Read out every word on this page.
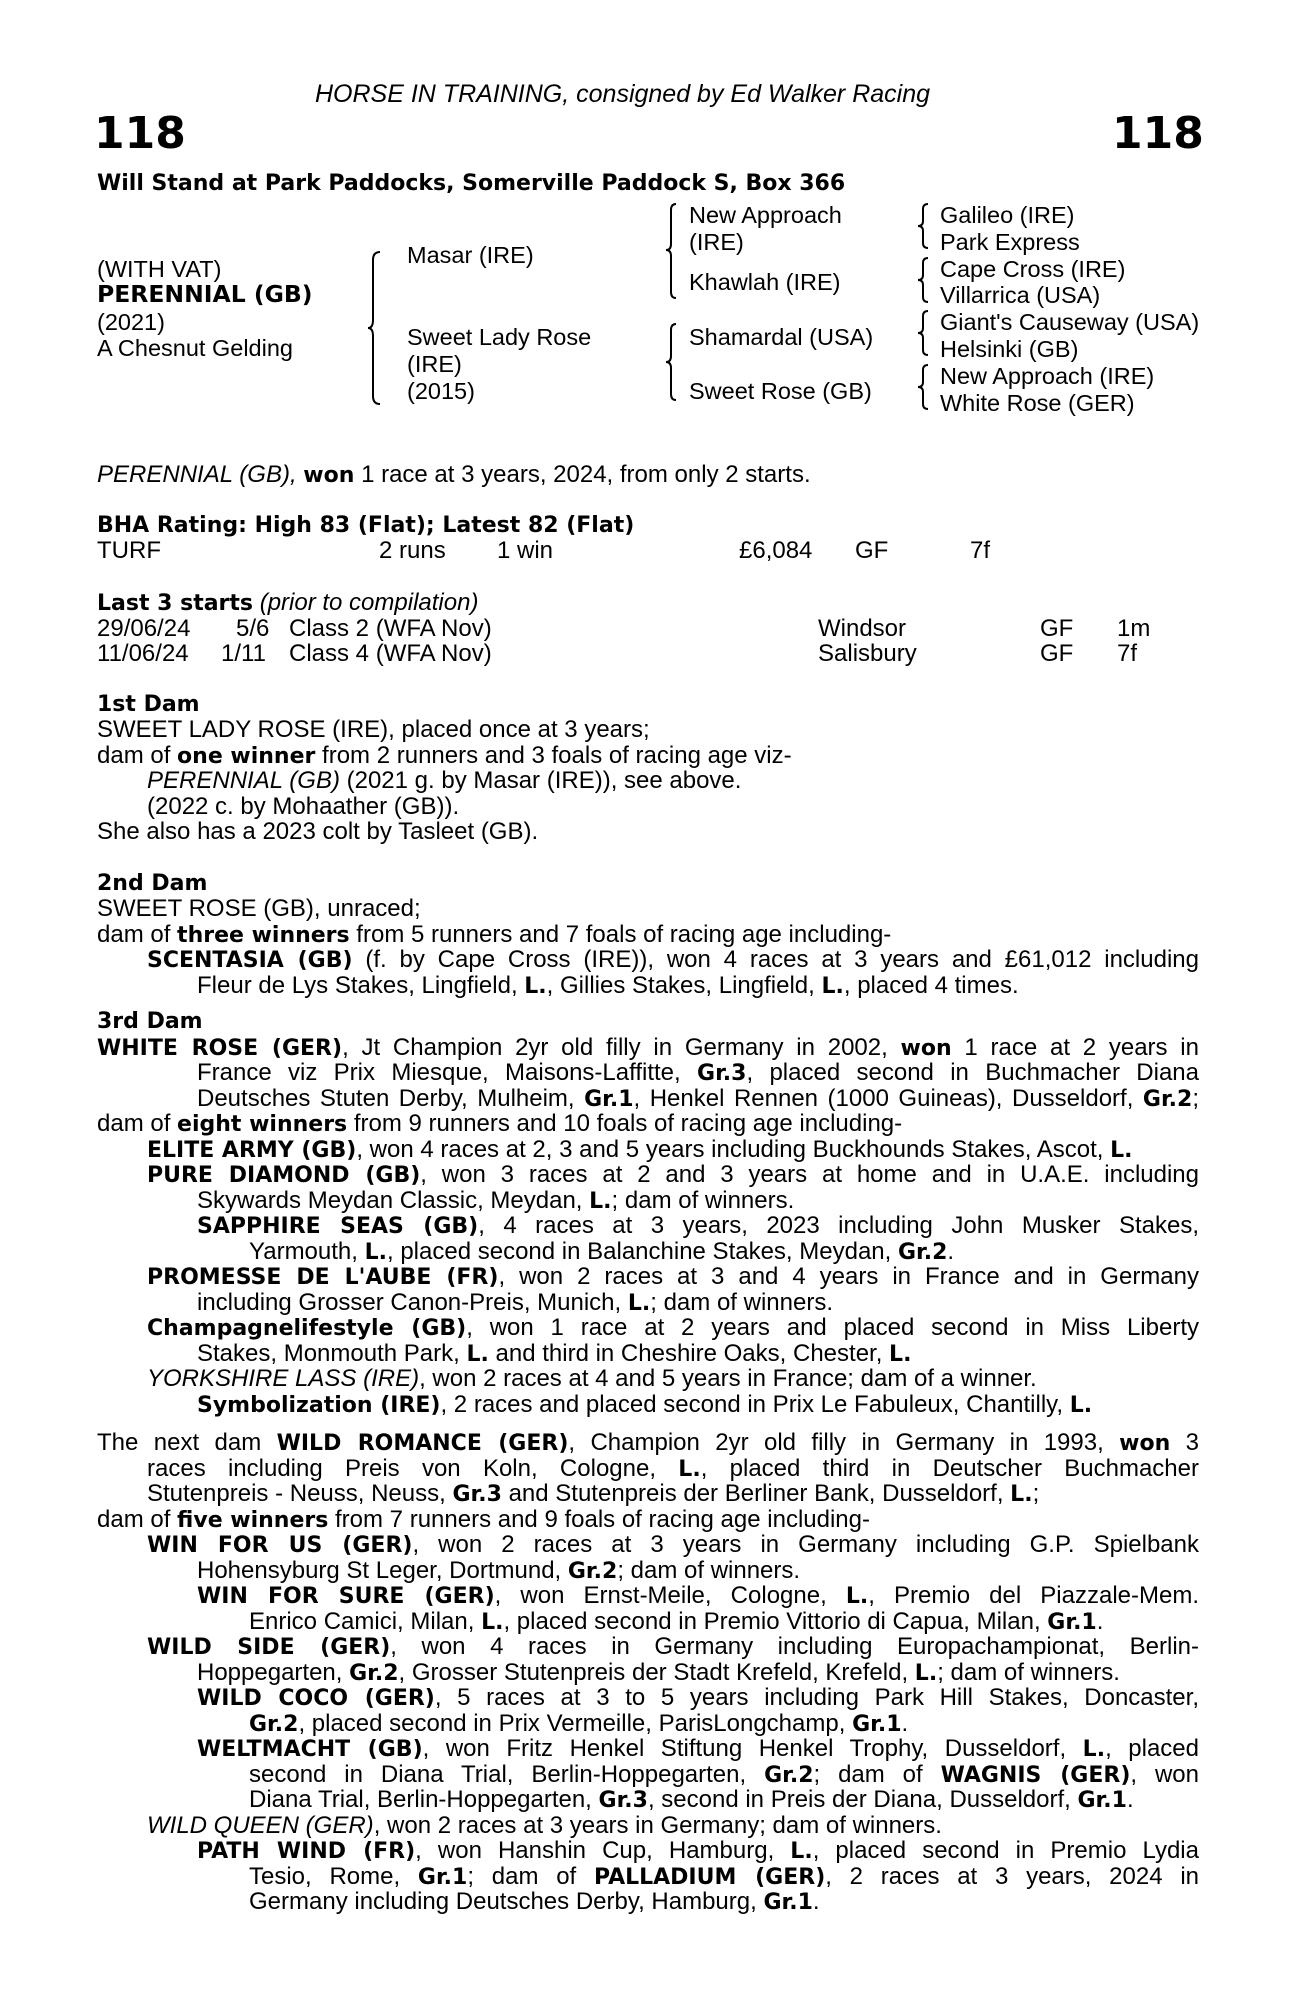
HORSE IN TRAINING, consigned by Ed Walker Racing
118	118
Will Stand at Park Paddocks, Somerville Paddock S, Box 366
(WITH VAT)
PERENNIAL (GB)
(2021)
A Chesnut Gelding
Masar (IRE)
Sweet Lady Rose
(IRE)
(2015)
New Approach
(IRE)
Khawlah (IRE)
Shamardal (USA)
Sweet Rose (GB)
Galileo (IRE)
Park Express
Cape Cross (IRE)
Villarrica (USA)
Giant's Causeway (USA)
Helsinki (GB)
New Approach (IRE)
White Rose (GER)
PERENNIAL (GB), won 1 race at 3 years, 2024, from only 2 starts.
BHA Rating: High 83 (Flat); Latest 82 (Flat)
TURF	2 runs 1 win	£6,084 GF	7f
Last 3 starts (prior to compilation)
29/06/24 5/6 Class 2 (WFA Nov)	Windsor	GF 1m
11/06/24 1/11 Class 4 (WFA Nov)	Salisbury	GF 7f
1st Dam
SWEET LADY ROSE (IRE), placed once at 3 years;
dam of one winner from 2 runners and 3 foals of racing age viz-
PERENNIAL (GB) (2021 g. by Masar (IRE)), see above.
(2022 c. by Mohaather (GB)).
She also has a 2023 colt by Tasleet (GB).
2nd Dam
SWEET ROSE (GB), unraced;
dam of three winners from 5 runners and 7 foals of racing age including-
SCENTASIA (GB) (f. by Cape Cross (IRE)), won 4 races at 3 years and £61,012 including
Fleur de Lys Stakes, Lingfield, L., Gillies Stakes, Lingfield, L., placed 4 times.
3rd Dam
WHITE ROSE (GER), Jt Champion 2yr old filly in Germany in 2002, won 1 race at 2 years in
France viz Prix Miesque, Maisons-Laffitte, Gr.3, placed second in Buchmacher Diana
Deutsches Stuten Derby, Mulheim, Gr.1, Henkel Rennen (1000 Guineas), Dusseldorf, Gr.2;
dam of eight winners from 9 runners and 10 foals of racing age including-
ELITE ARMY (GB), won 4 races at 2, 3 and 5 years including Buckhounds Stakes, Ascot, L.
PURE DIAMOND (GB), won 3 races at 2 and 3 years at home and in U.A.E. including
Skywards Meydan Classic, Meydan, L.; dam of winners.
SAPPHIRE SEAS (GB), 4 races at 3 years, 2023 including John Musker Stakes,
Yarmouth, L., placed second in Balanchine Stakes, Meydan, Gr.2.
PROMESSE DE L'AUBE (FR), won 2 races at 3 and 4 years in France and in Germany
including Grosser Canon-Preis, Munich, L.; dam of winners.
Champagnelifestyle (GB), won 1 race at 2 years and placed second in Miss Liberty
Stakes, Monmouth Park, L. and third in Cheshire Oaks, Chester, L.
YORKSHIRE LASS (IRE), won 2 races at 4 and 5 years in France; dam of a winner.
Symbolization (IRE), 2 races and placed second in Prix Le Fabuleux, Chantilly, L.
The next dam WILD ROMANCE (GER), Champion 2yr old filly in Germany in 1993, won 3
races including Preis von Koln, Cologne, L., placed third in Deutscher Buchmacher
Stutenpreis - Neuss, Neuss, Gr.3 and Stutenpreis der Berliner Bank, Dusseldorf, L.;
dam of five winners from 7 runners and 9 foals of racing age including-
WIN FOR US (GER), won 2 races at 3 years in Germany including G.P. Spielbank
Hohensyburg St Leger, Dortmund, Gr.2; dam of winners.
WIN FOR SURE (GER), won Ernst-Meile, Cologne, L., Premio del Piazzale-Mem.
Enrico Camici, Milan, L., placed second in Premio Vittorio di Capua, Milan, Gr.1.
WILD SIDE (GER), won 4 races in Germany including Europachampionat, Berlin-
Hoppegarten, Gr.2, Grosser Stutenpreis der Stadt Krefeld, Krefeld, L.; dam of winners.
WILD COCO (GER), 5 races at 3 to 5 years including Park Hill Stakes, Doncaster,
Gr.2, placed second in Prix Vermeille, ParisLongchamp, Gr.1.
WELTMACHT (GB), won Fritz Henkel Stiftung Henkel Trophy, Dusseldorf, L., placed
second in Diana Trial, Berlin-Hoppegarten, Gr.2; dam of WAGNIS (GER), won
Diana Trial, Berlin-Hoppegarten, Gr.3, second in Preis der Diana, Dusseldorf, Gr.1.
WILD QUEEN (GER), won 2 races at 3 years in Germany; dam of winners.
PATH WIND (FR), won Hanshin Cup, Hamburg, L., placed second in Premio Lydia
Tesio, Rome, Gr.1; dam of PALLADIUM (GER), 2 races at 3 years, 2024 in
Germany including Deutsches Derby, Hamburg, Gr.1.
